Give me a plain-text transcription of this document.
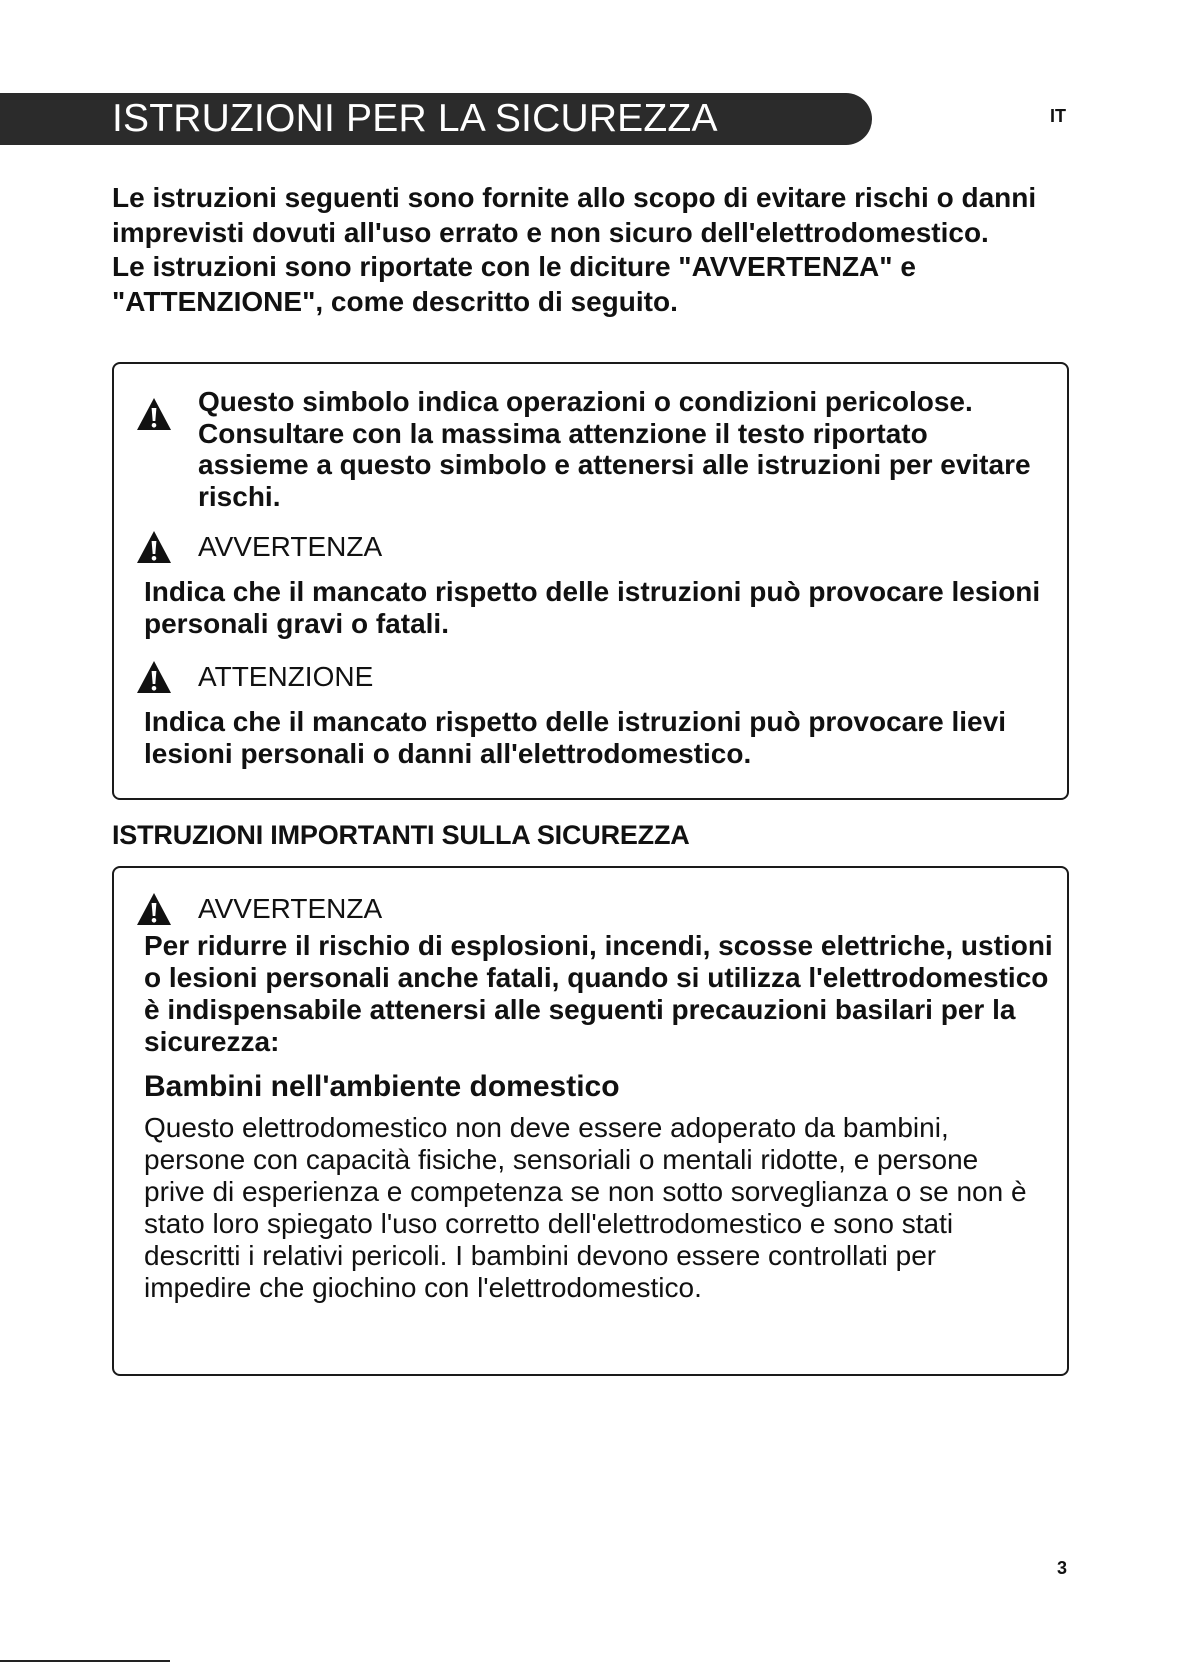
ISTRUZIONI PER LA SICUREZZA	IT

Le istruzioni seguenti sono fornite allo scopo di evitare rischi o danni imprevisti dovuti all'uso errato e non sicuro dell'elettrodomestico.

Le istruzioni sono riportate con le diciture "AVVERTENZA" e "ATTENZIONE", come descritto di seguito.

Questo simbolo indica operazioni o condizioni pericolose. Consultare con la massima attenzione il testo riportato assieme a questo simbolo e attenersi alle istruzioni per evitare rischi.
AVVERTENZA
Indica che il mancato rispetto delle istruzioni può provocare lesioni personali gravi o fatali.
ATTENZIONE
Indica che il mancato rispetto delle istruzioni può provocare lievi lesioni personali o danni all'elettrodomestico.
ISTRUZIONI IMPORTANTI SULLA SICUREZZA
AVVERTENZA
Per ridurre il rischio di esplosioni, incendi, scosse elettriche, ustioni o lesioni personali anche fatali, quando si utilizza l'elettrodomestico è indispensabile attenersi alle seguenti precauzioni basilari per la sicurezza:
Bambini nell'ambiente domestico
Questo elettrodomestico non deve essere adoperato da bambini, persone con capacità fisiche, sensoriali o mentali ridotte, e persone prive di esperienza e competenza se non sotto sorveglianza o se non è stato loro spiegato l'uso corretto dell'elettrodomestico e sono stati descritti i relativi pericoli. I bambini devono essere controllati per impedire che giochino con l'elettrodomestico.
3
